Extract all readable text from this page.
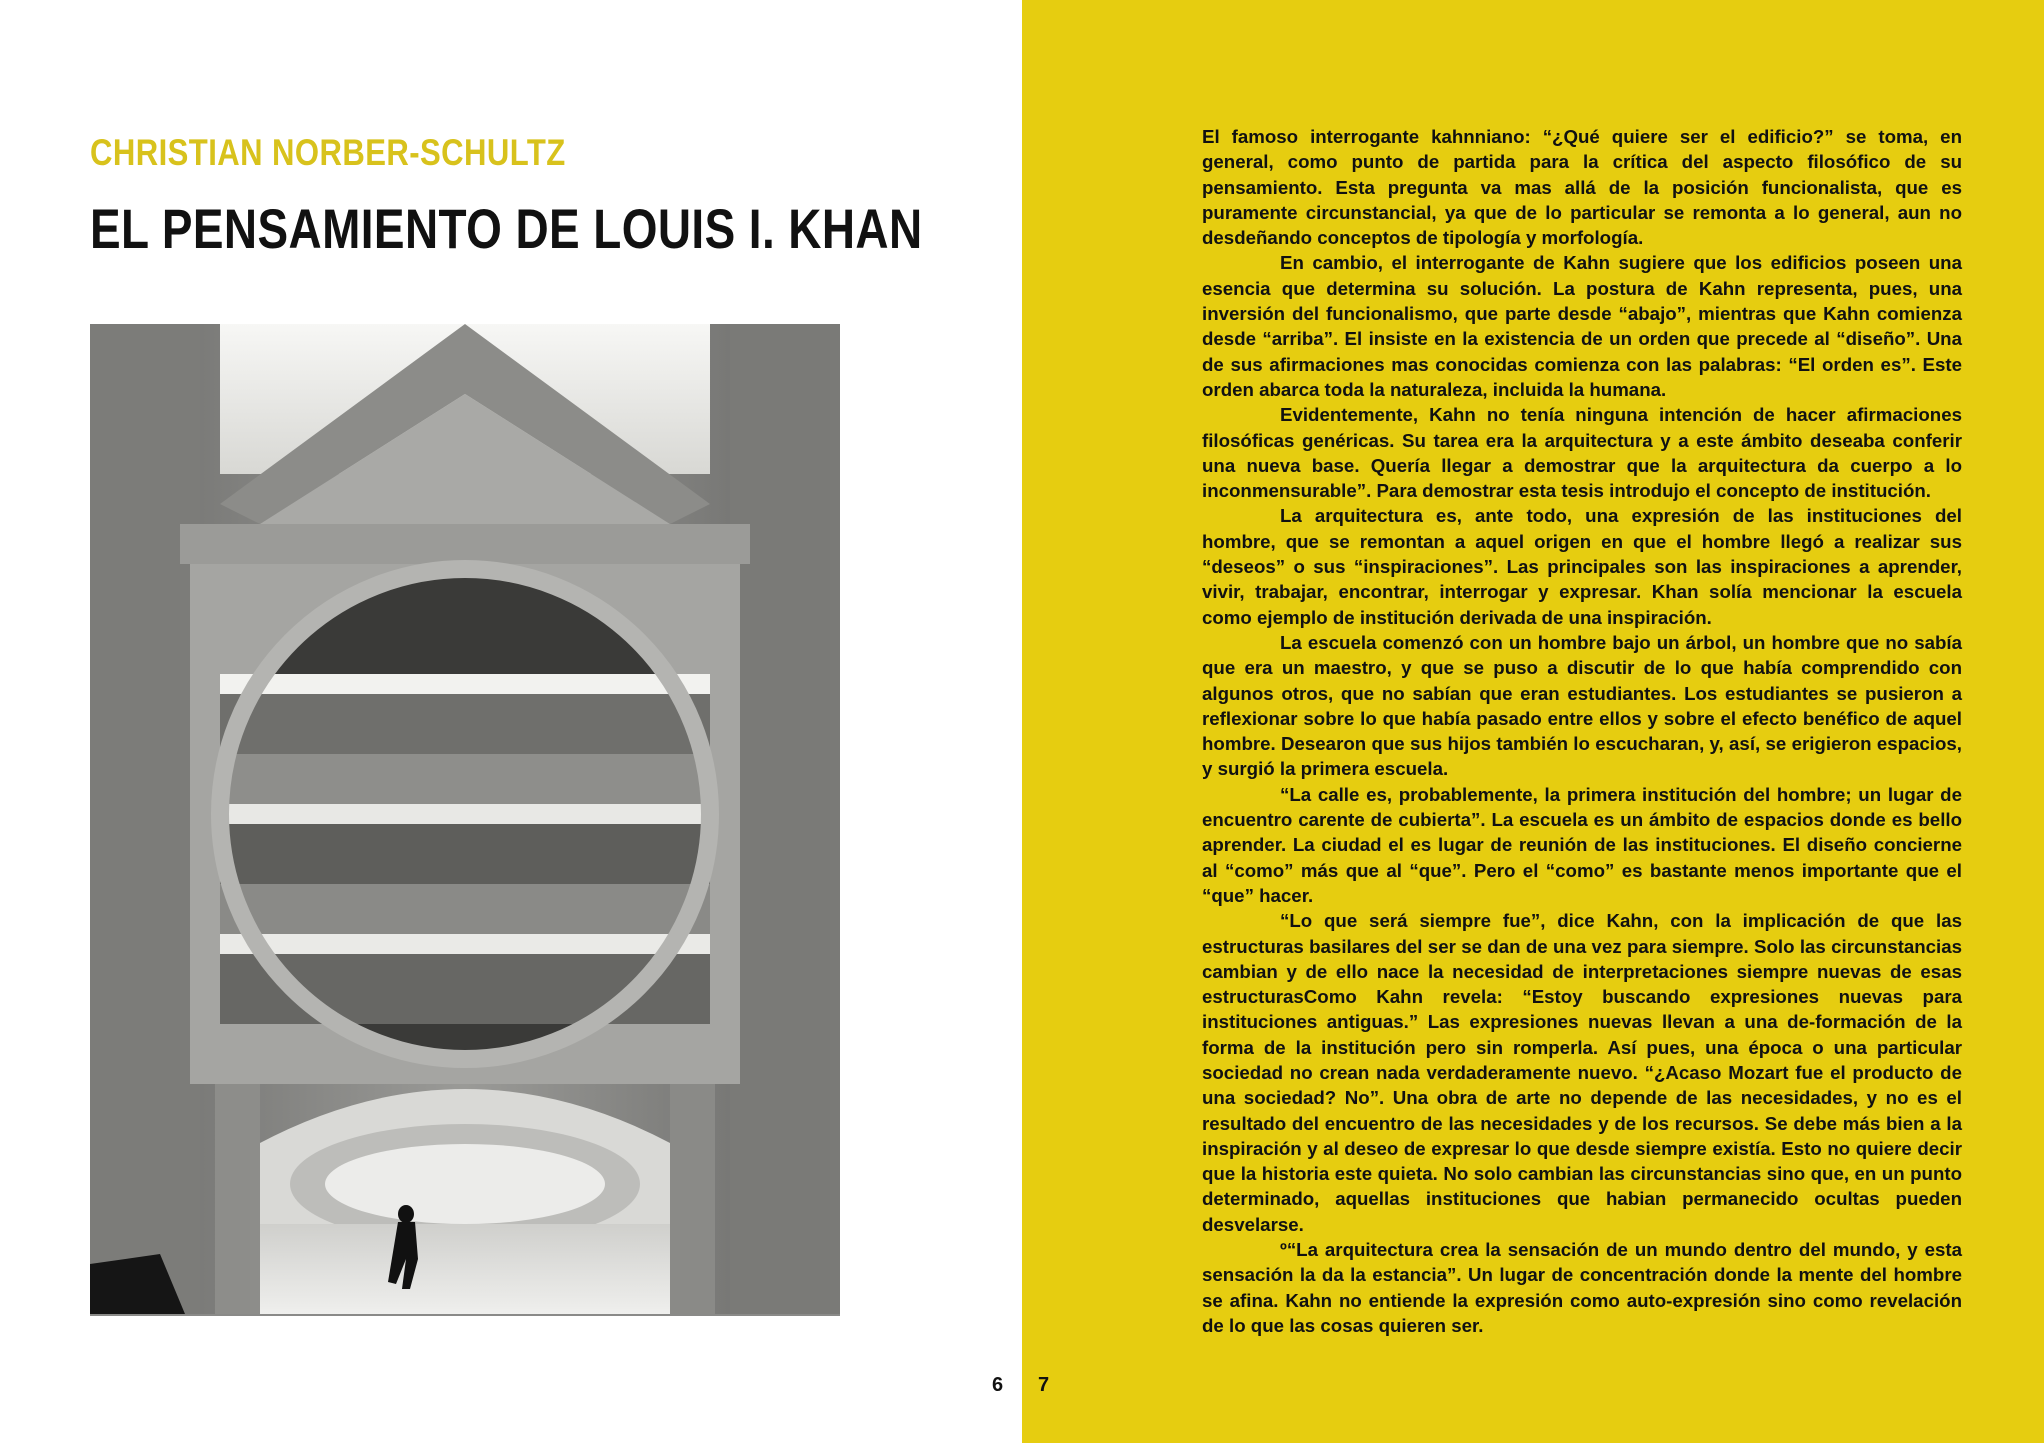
CHRISTIAN NORBER-SCHULTZ
EL PENSAMIENTO DE LOUIS I. KHAN
6 7

El famoso interrogante kahnniano: “¿Qué quiere ser el edificio?” se toma, en general, como punto de partida para la crítica del aspecto filosófico de su pensamiento. Esta pregunta va mas allá de la posición funcionalista, que es puramente circunstancial, ya que de lo particular se remonta a lo general, aun no desdeñando conceptos de tipología y morfología.

En cambio, el interrogante de Kahn sugiere que los edificios poseen una esencia que determina su solución. La postura de Kahn representa, pues, una inversión del funcionalismo, que parte desde “abajo”, mientras que Kahn comienza desde “arriba”. El insiste en la existencia de un orden que precede al “diseño”. Una de sus afirmaciones mas conocidas comienza con las palabras: “El orden es”. Este orden abarca toda la naturaleza, incluida la humana.

Evidentemente, Kahn no tenía ninguna intención de hacer afirmaciones filosóficas genéricas. Su tarea era la arquitectura y a este ámbito deseaba conferir una nueva base. Quería llegar a demostrar que la arquitectura da cuerpo a lo inconmensurable”. Para demostrar esta tesis introdujo el concepto de institución.

La arquitectura es, ante todo, una expresión de las instituciones del hombre, que se remontan a aquel origen en que el hombre llegó a realizar sus “deseos” o sus “inspiraciones”. Las principales son las inspiraciones a aprender, vivir, trabajar, encontrar, interrogar y expresar. Khan solía mencionar la escuela como ejemplo de institución derivada de una inspiración.

La escuela comenzó con un hombre bajo un árbol, un hombre que no sabía que era un maestro, y que se puso a discutir de lo que había comprendido con algunos otros, que no sabían que eran estudiantes. Los estudiantes se pusieron a reflexionar sobre lo que había pasado entre ellos y sobre el efecto benéfico de aquel hombre. Desearon que sus hijos también lo escucharan, y, así, se erigieron espacios, y surgió la primera escuela.

“La calle es, probablemente, la primera institución del hombre; un lugar de encuentro carente de cubierta”. La escuela es un ámbito de espacios donde es bello aprender. La ciudad el es lugar de reunión de las instituciones. El diseño concierne al “como” más que al “que”. Pero el “como” es bastante menos importante que el “que” hacer.

“Lo que será siempre fue”, dice Kahn, con la implicación de que las estructuras basilares del ser se dan de una vez para siempre. Solo las circunstancias cambian y de ello nace la necesidad de interpretaciones siempre nuevas de esas estructurasComo Kahn revela: “Estoy buscando expresiones nuevas para instituciones antiguas.” Las expresiones nuevas llevan a una de-formación de la forma de la institución pero sin romperla. Así pues, una época o una particular sociedad no crean nada verdaderamente nuevo. “¿Acaso Mozart fue el producto de una sociedad? No”. Una obra de arte no depende de las necesidades, y no es el resultado del encuentro de las necesidades y de los recursos. Se debe más bien a la inspiración y al deseo de expresar lo que desde siempre existía. Esto no quiere decir que la historia este quieta. No solo cambian las circunstancias sino que, en un punto determinado, aquellas instituciones que habian permanecido ocultas pueden desvelarse.

º“La arquitectura crea la sensación de un mundo dentro del mundo, y esta sensación la da la estancia”. Un lugar de concentración donde la mente del hombre se afina. Kahn no entiende la expresión como auto-expresión sino como revelación de lo que las cosas quieren ser.
